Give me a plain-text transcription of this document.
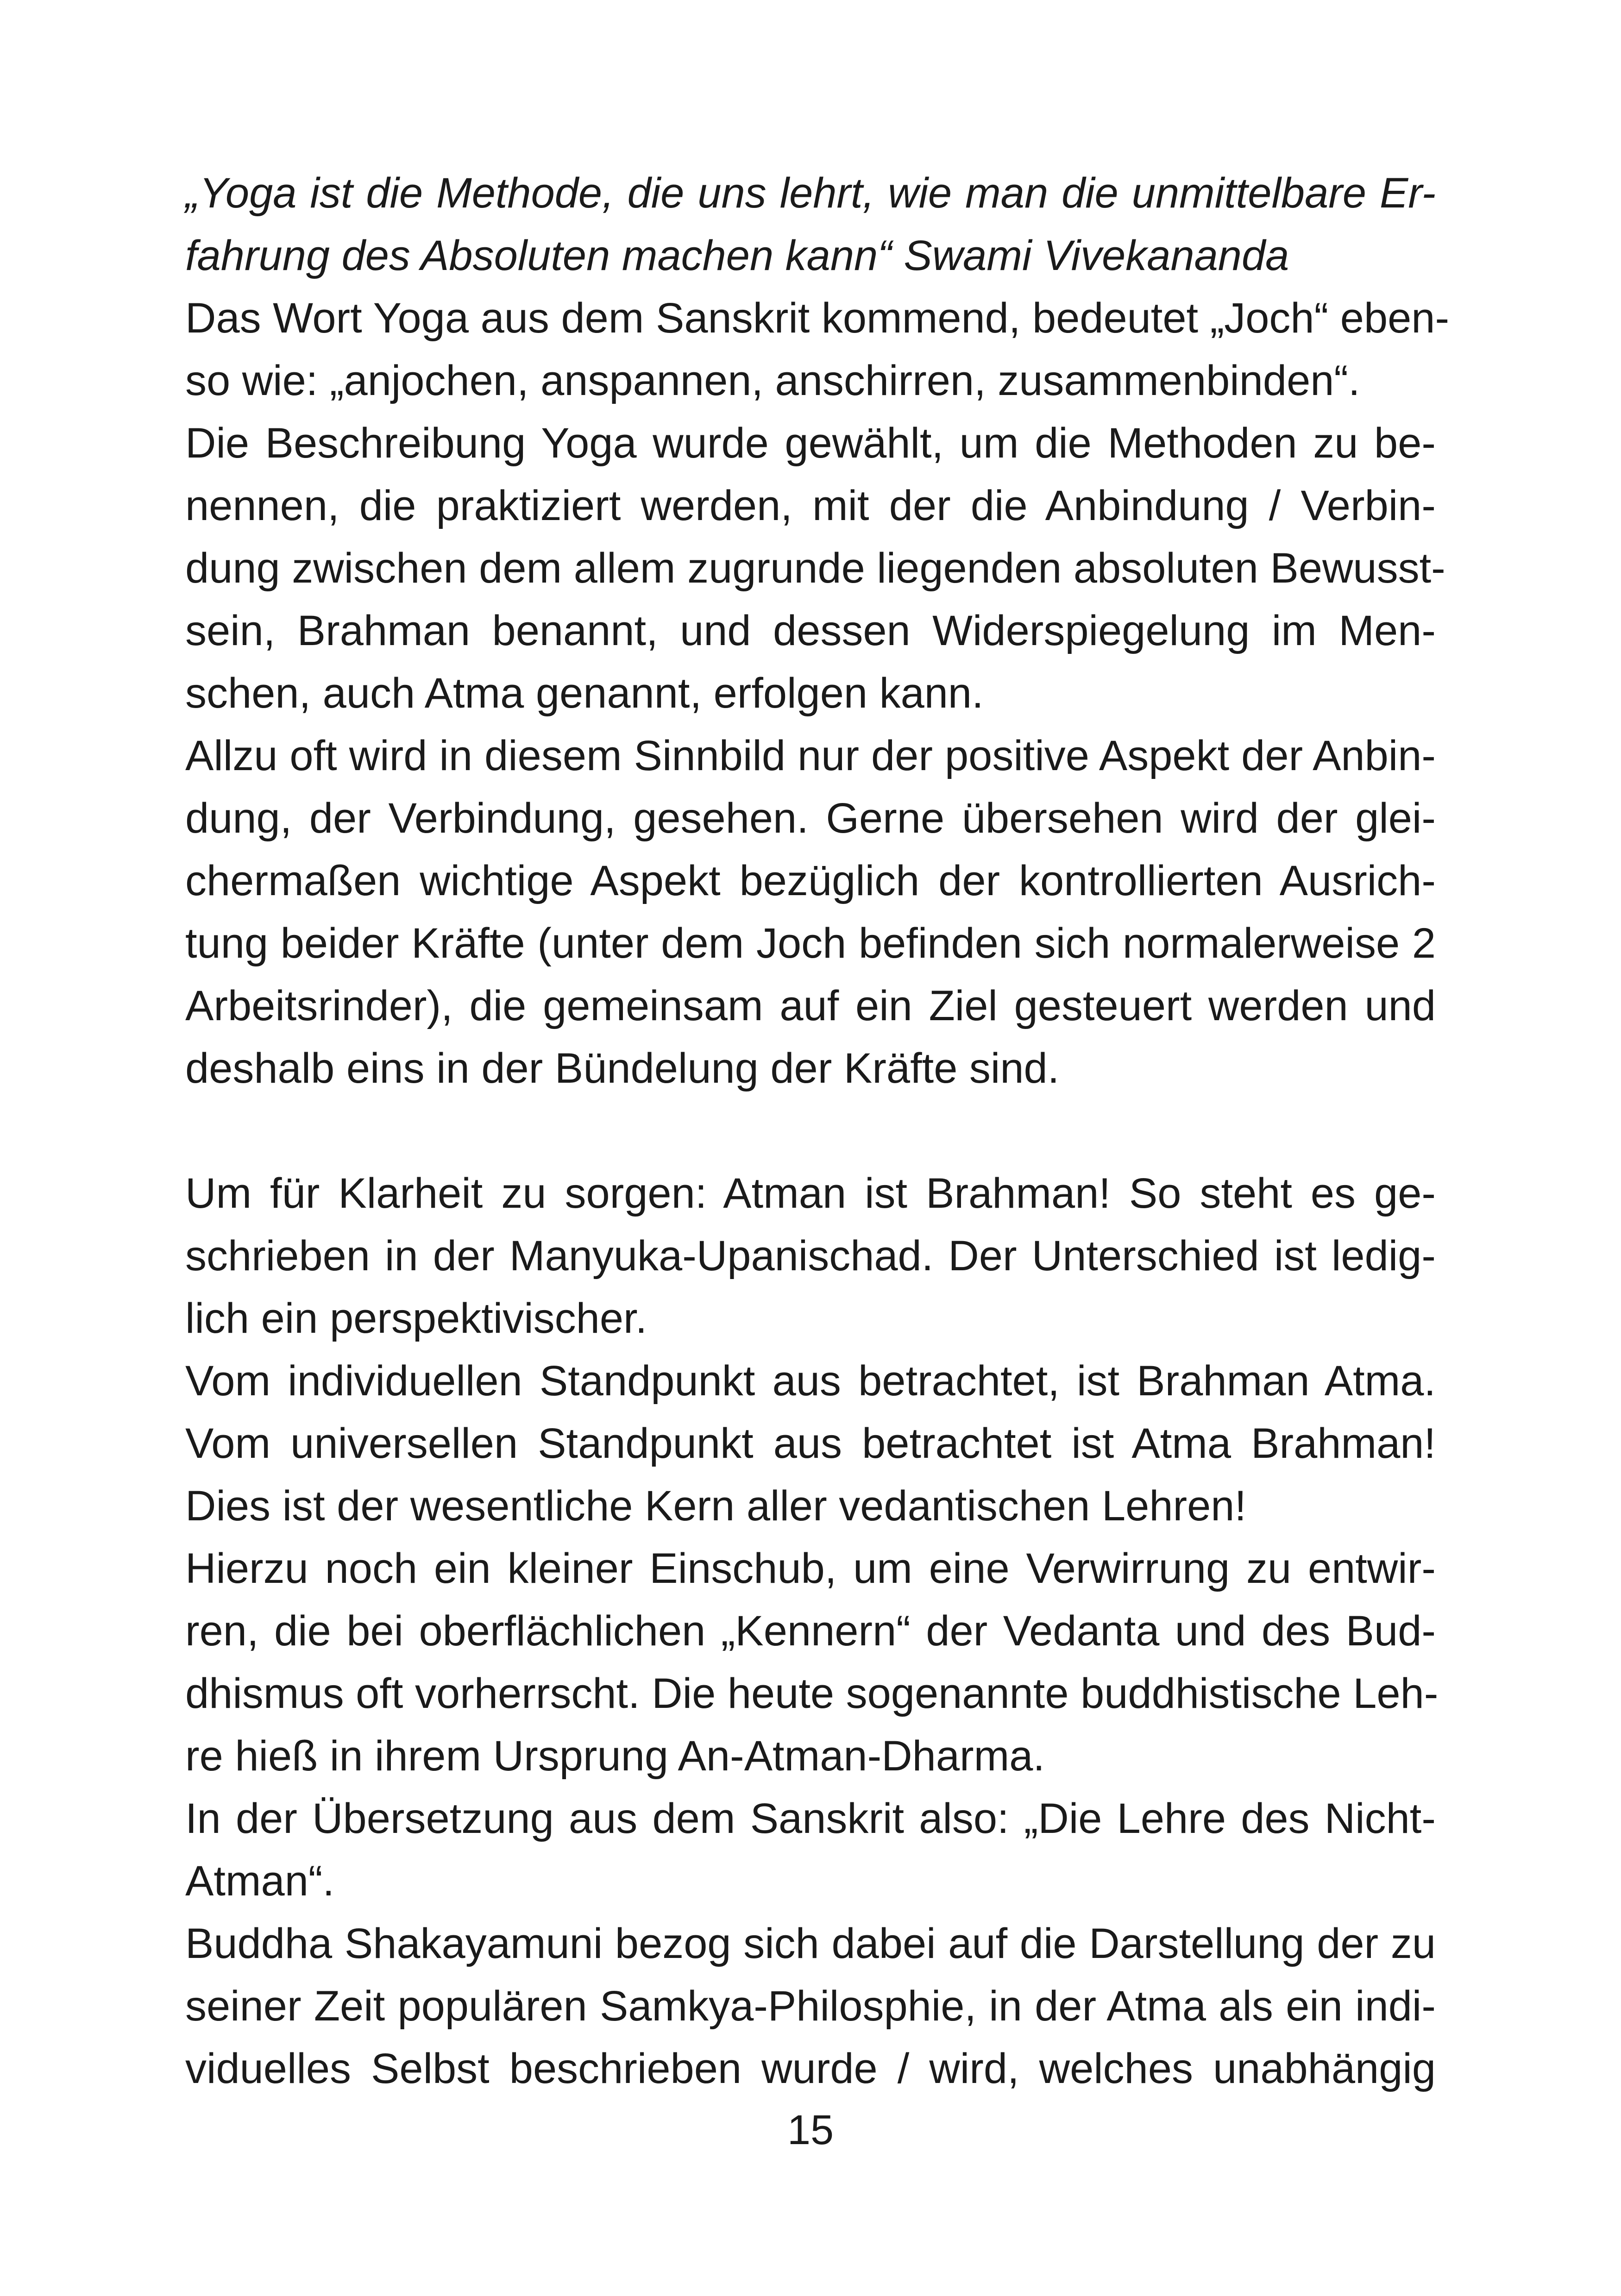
„Yoga ist die Methode, die uns lehrt, wie man die unmittelbare Er-
fahrung des Absoluten machen kann“ Swami Vivekananda
Das Wort Yoga aus dem Sanskrit kommend, bedeutet „Joch“ eben-
so wie: „anjochen, anspannen, anschirren, zusammenbinden“.
Die Beschreibung Yoga wurde gewählt, um die Methoden zu be-
nennen, die praktiziert werden, mit der die Anbindung / Verbin-
dung zwischen dem allem zugrunde liegenden absoluten Bewusst-
sein, Brahman benannt, und dessen Widerspiegelung im Men-
schen, auch Atma genannt, erfolgen kann.
Allzu oft wird in diesem Sinnbild nur der positive Aspekt der Anbin-
dung, der Verbindung, gesehen. Gerne übersehen wird der glei-
chermaßen wichtige Aspekt bezüglich der kontrollierten Ausrich-
tung beider Kräfte (unter dem Joch befinden sich normalerweise 2
Arbeitsrinder), die gemeinsam auf ein Ziel gesteuert werden und
deshalb eins in der Bündelung der Kräfte sind.
Um für Klarheit zu sorgen: Atman ist Brahman! So steht es ge-
schrieben in der Manyuka-Upanischad. Der Unterschied ist ledig-
lich ein perspektivischer.
Vom individuellen Standpunkt aus betrachtet, ist Brahman Atma.
Vom universellen Standpunkt aus betrachtet ist Atma Brahman!
Dies ist der wesentliche Kern aller vedantischen Lehren!
Hierzu noch ein kleiner Einschub, um eine Verwirrung zu entwir-
ren, die bei oberflächlichen „Kennern“ der Vedanta und des Bud-
dhismus oft vorherrscht. Die heute sogenannte buddhistische Leh-
re hieß in ihrem Ursprung An-Atman-Dharma.
In der Übersetzung aus dem Sanskrit also: „Die Lehre des Nicht-
Atman“.
Buddha Shakayamuni bezog sich dabei auf die Darstellung der zu
seiner Zeit populären Samkya-Philosphie, in der Atma als ein indi-
viduelles Selbst beschrieben wurde / wird, welches unabhängig
15
